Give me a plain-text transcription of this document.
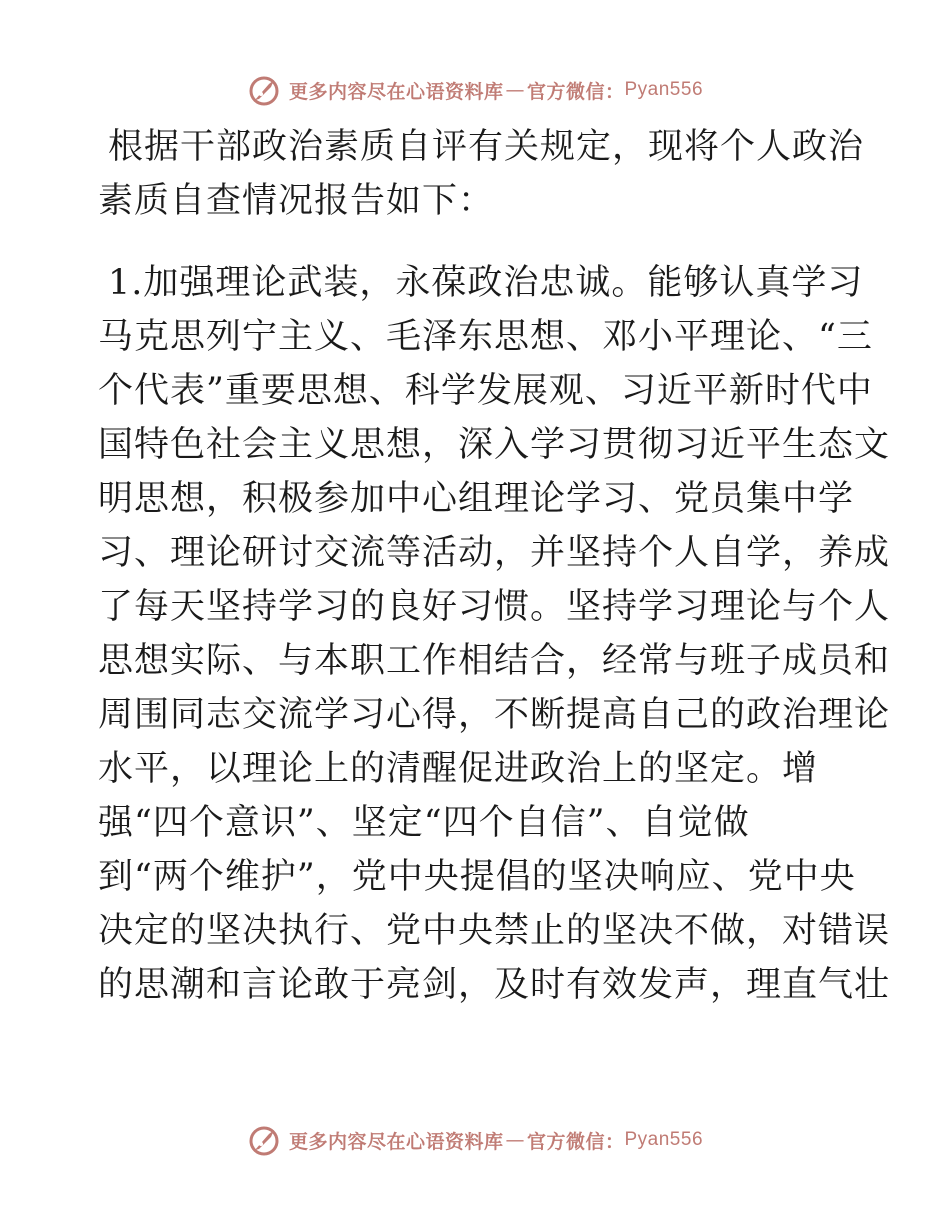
更多内容尽在心语资料库 — 官方微信： Pyan556

根据干部政治素质自评有关规定，现将个人政治
素质自查情况报告如下：

1.加强理论武装，永葆政治忠诚。能够认真学习
马克思列宁主义、毛泽东思想、邓小平理论、“三
个代表”重要思想、科学发展观、习近平新时代中
国特色社会主义思想，深入学习贯彻习近平生态文
明思想，积极参加中心组理论学习、党员集中学
习、理论研讨交流等活动，并坚持个人自学，养成
了每天坚持学习的良好习惯。坚持学习理论与个人
思想实际、与本职工作相结合，经常与班子成员和
周围同志交流学习心得，不断提高自己的政治理论
水平，以理论上的清醒促进政治上的坚定。增
强“四个意识”、坚定“四个自信”、自觉做
到“两个维护”，党中央提倡的坚决响应、党中央
决定的坚决执行、党中央禁止的坚决不做，对错误
的思潮和言论敢于亮剑，及时有效发声，理直气壮

更多内容尽在心语资料库 — 官方微信： Pyan556
